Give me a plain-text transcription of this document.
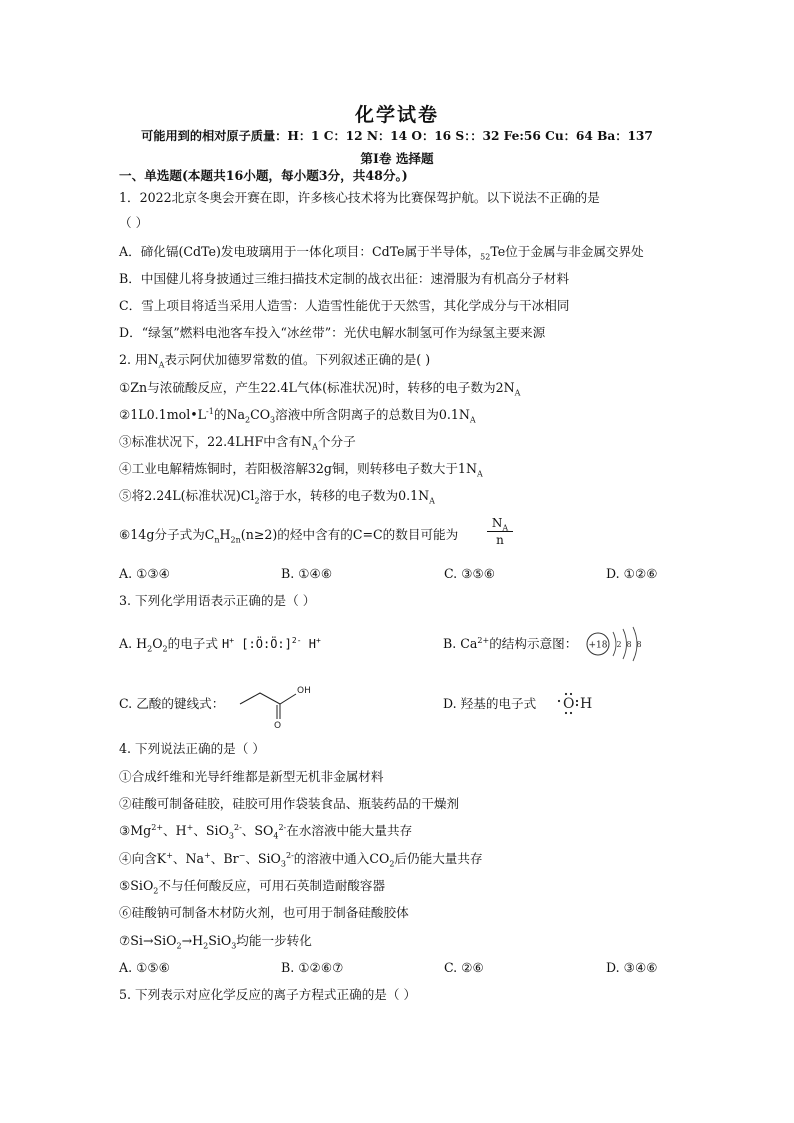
化学试卷
可能用到的相对原子质量：H：1 C：12 N：14 O：16 S：：32 Fe:56 Cu：64 Ba：137
第Ⅰ卷 选择题
一、单选题(本题共16小题，每小题3分，共48分。)
1．2022北京冬奥会开赛在即，许多核心技术将为比赛保驾护航。以下说法不正确的是
（ ）
A．碲化镉(CdTe)发电玻璃用于一体化项目：CdTe属于半导体，$_{52}$Te位于金属与非金属交界处
B．中国健儿将身披通过三维扫描技术定制的战衣出征：速滑服为有机高分子材料
C．雪上项目将适当采用人造雪：人造雪性能优于天然雪，其化学成分与干冰相同
D．“绿氢”燃料电池客车投入“冰丝带”：光伏电解水制氢可作为绿氢主要来源
2. 用$N_A$表示阿伏加德罗常数的值。下列叙述正确的是( )
①Zn与浓硫酸反应，产生22.4L气体(标准状况)时，转移的电子数为$2N_A$
$②1L0.1mol•L^{-1}$的$Na_2CO_3$溶液中所含阴离子的总数目为$0.1N_A$
③标准状况下，22.4LHF中含有$N_A$个分子
④工业电解精炼铜时，若阳极溶解32g铜，则转移电子数大于$1N_A$
⑤将2.24L(标准状况)$Cl_2$溶于水，转移的电子数为$0.1N_A$
⑥14g分子式为$C_nH_{2n}(n\ge 2)$的烃中含有的C=C的数目可能为 $\frac{N_A}{n}$
A. ①③④	B. ①④⑥	C. ③⑤⑥	D. ①②⑥
3. 下列化学用语表示正确的是（ ）
A. $H_2O_2$的电子式 H+ [:Ö:Ö:]$^{2-}$ H+	B. $Ca^{2+}$的结构示意图： +18 2 8 8
C. 乙酸的键线式：
OH
O
D. 羟基的电子式 O H
4. 下列说法正确的是（ ）
①合成纤维和光导纤维都是新型无机非金属材料
②硅酸可制备硅胶，硅胶可用作袋装食品、瓶装药品的干燥剂
$③Mg^{2+}$、H+、SiO$_3^{2-}$、$SO_4^{2-}$在水溶液中能大量共存
④向含K+、Na+、Br−、SiO$_3^{2-}$的溶液中通入$CO_2$后仍能大量共存
⑤SiO$_2$不与任何酸反应，可用石英制造耐酸容器
⑥硅酸钠可制备木材防火剂，也可用于制备硅酸胶体
$⑦Si\to SiO_2\to H_2SiO_3$均能一步转化
A. ①⑤⑥	B. ①②⑥⑦	C. ②⑥	D. ③④⑥
5. 下列表示对应化学反应的离子方程式正确的是（ ）
